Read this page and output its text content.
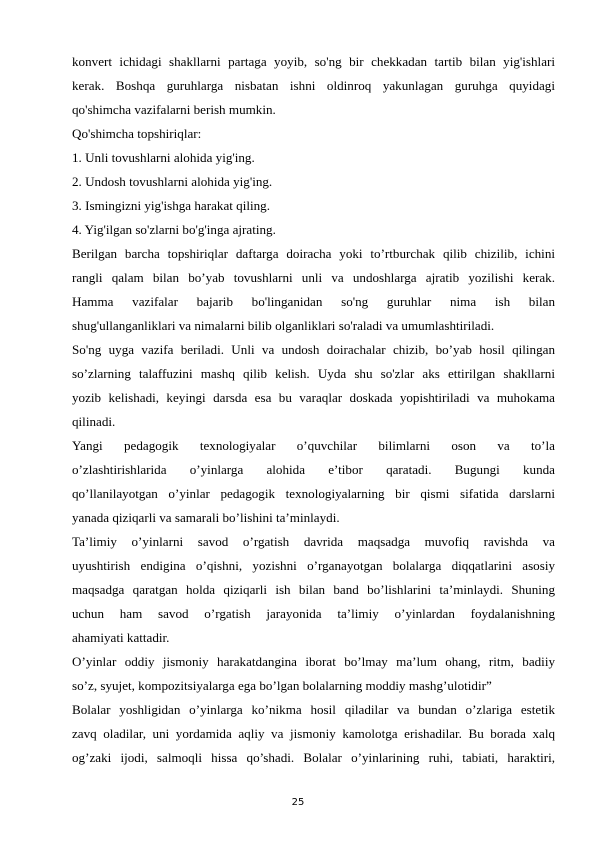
konvert ichidagi shakllarni partaga yoyib, so'ng bir chekkadan tartib bilan yig'ishlari
kerak. Boshqa guruhlarga nisbatan ishni oldinroq yakunlagan guruhga quyidagi
qo'shimcha vazifalarni berish mumkin.
Qo'shimcha topshiriqlar:
1. Unli tovushlarni alohida yig'ing.
2. Undosh tovushlarni alohida yig'ing.
3. Ismingizni yig'ishga harakat qiling.
4. Yig'ilgan so'zlarni bo'g'inga ajrating.
Berilgan barcha topshiriqlar daftarga doiracha yoki to’rtburchak qilib chizilib, ichini
rangli qalam bilan bo’yab tovushlarni unli va undoshlarga ajratib yozilishi kerak.
Hamma vazifalar bajarib bo'linganidan so'ng guruhlar nima ish bilan
shug'ullanganliklari va nimalarni bilib olganliklari so'raladi va umumlashtiriladi.
So'ng uyga vazifa beriladi. Unli va undosh doirachalar chizib, bo’yab hosil qilingan
so’zlarning talaffuzini mashq qilib kelish. Uyda shu so'zlar aks ettirilgan shakllarni
yozib kelishadi, keyingi darsda esa bu varaqlar doskada yopishtiriladi va muhokama
qilinadi.
Yangi pedagogik texnologiyalar o’quvchilar bilimlarni oson va to’la
o’zlashtirishlarida o’yinlarga alohida e’tibor qaratadi. Bugungi kunda
qo’llanilayotgan o’yinlar pedagogik texnologiyalarning bir qismi sifatida darslarni
yanada qiziqarli va samarali bo’lishini ta’minlaydi.
Ta’limiy o’yinlarni savod o’rgatish davrida maqsadga muvofiq ravishda va
uyushtirish endigina o’qishni, yozishni o’rganayotgan bolalarga diqqatlarini asosiy
maqsadga qaratgan holda qiziqarli ish bilan band bo’lishlarini ta’minlaydi. Shuning
uchun ham savod o’rgatish jarayonida ta’limiy o’yinlardan foydalanishning
ahamiyati kattadir.
O’yinlar oddiy jismoniy harakatdangina iborat bo’lmay ma’lum ohang, ritm, badiiy
so’z, syujet, kompozitsiyalarga ega bo’lgan bolalarning moddiy mashg’ulotidir”
Bolalar yoshligidan o’yinlarga ko’nikma hosil qiladilar va bundan o’zlariga estetik
zavq oladilar, uni yordamida aqliy va jismoniy kamolotga erishadilar. Bu borada xalq
og’zaki ijodi, salmoqli hissa qo’shadi. Bolalar o’yinlarining ruhi, tabiati, haraktiri,
25
